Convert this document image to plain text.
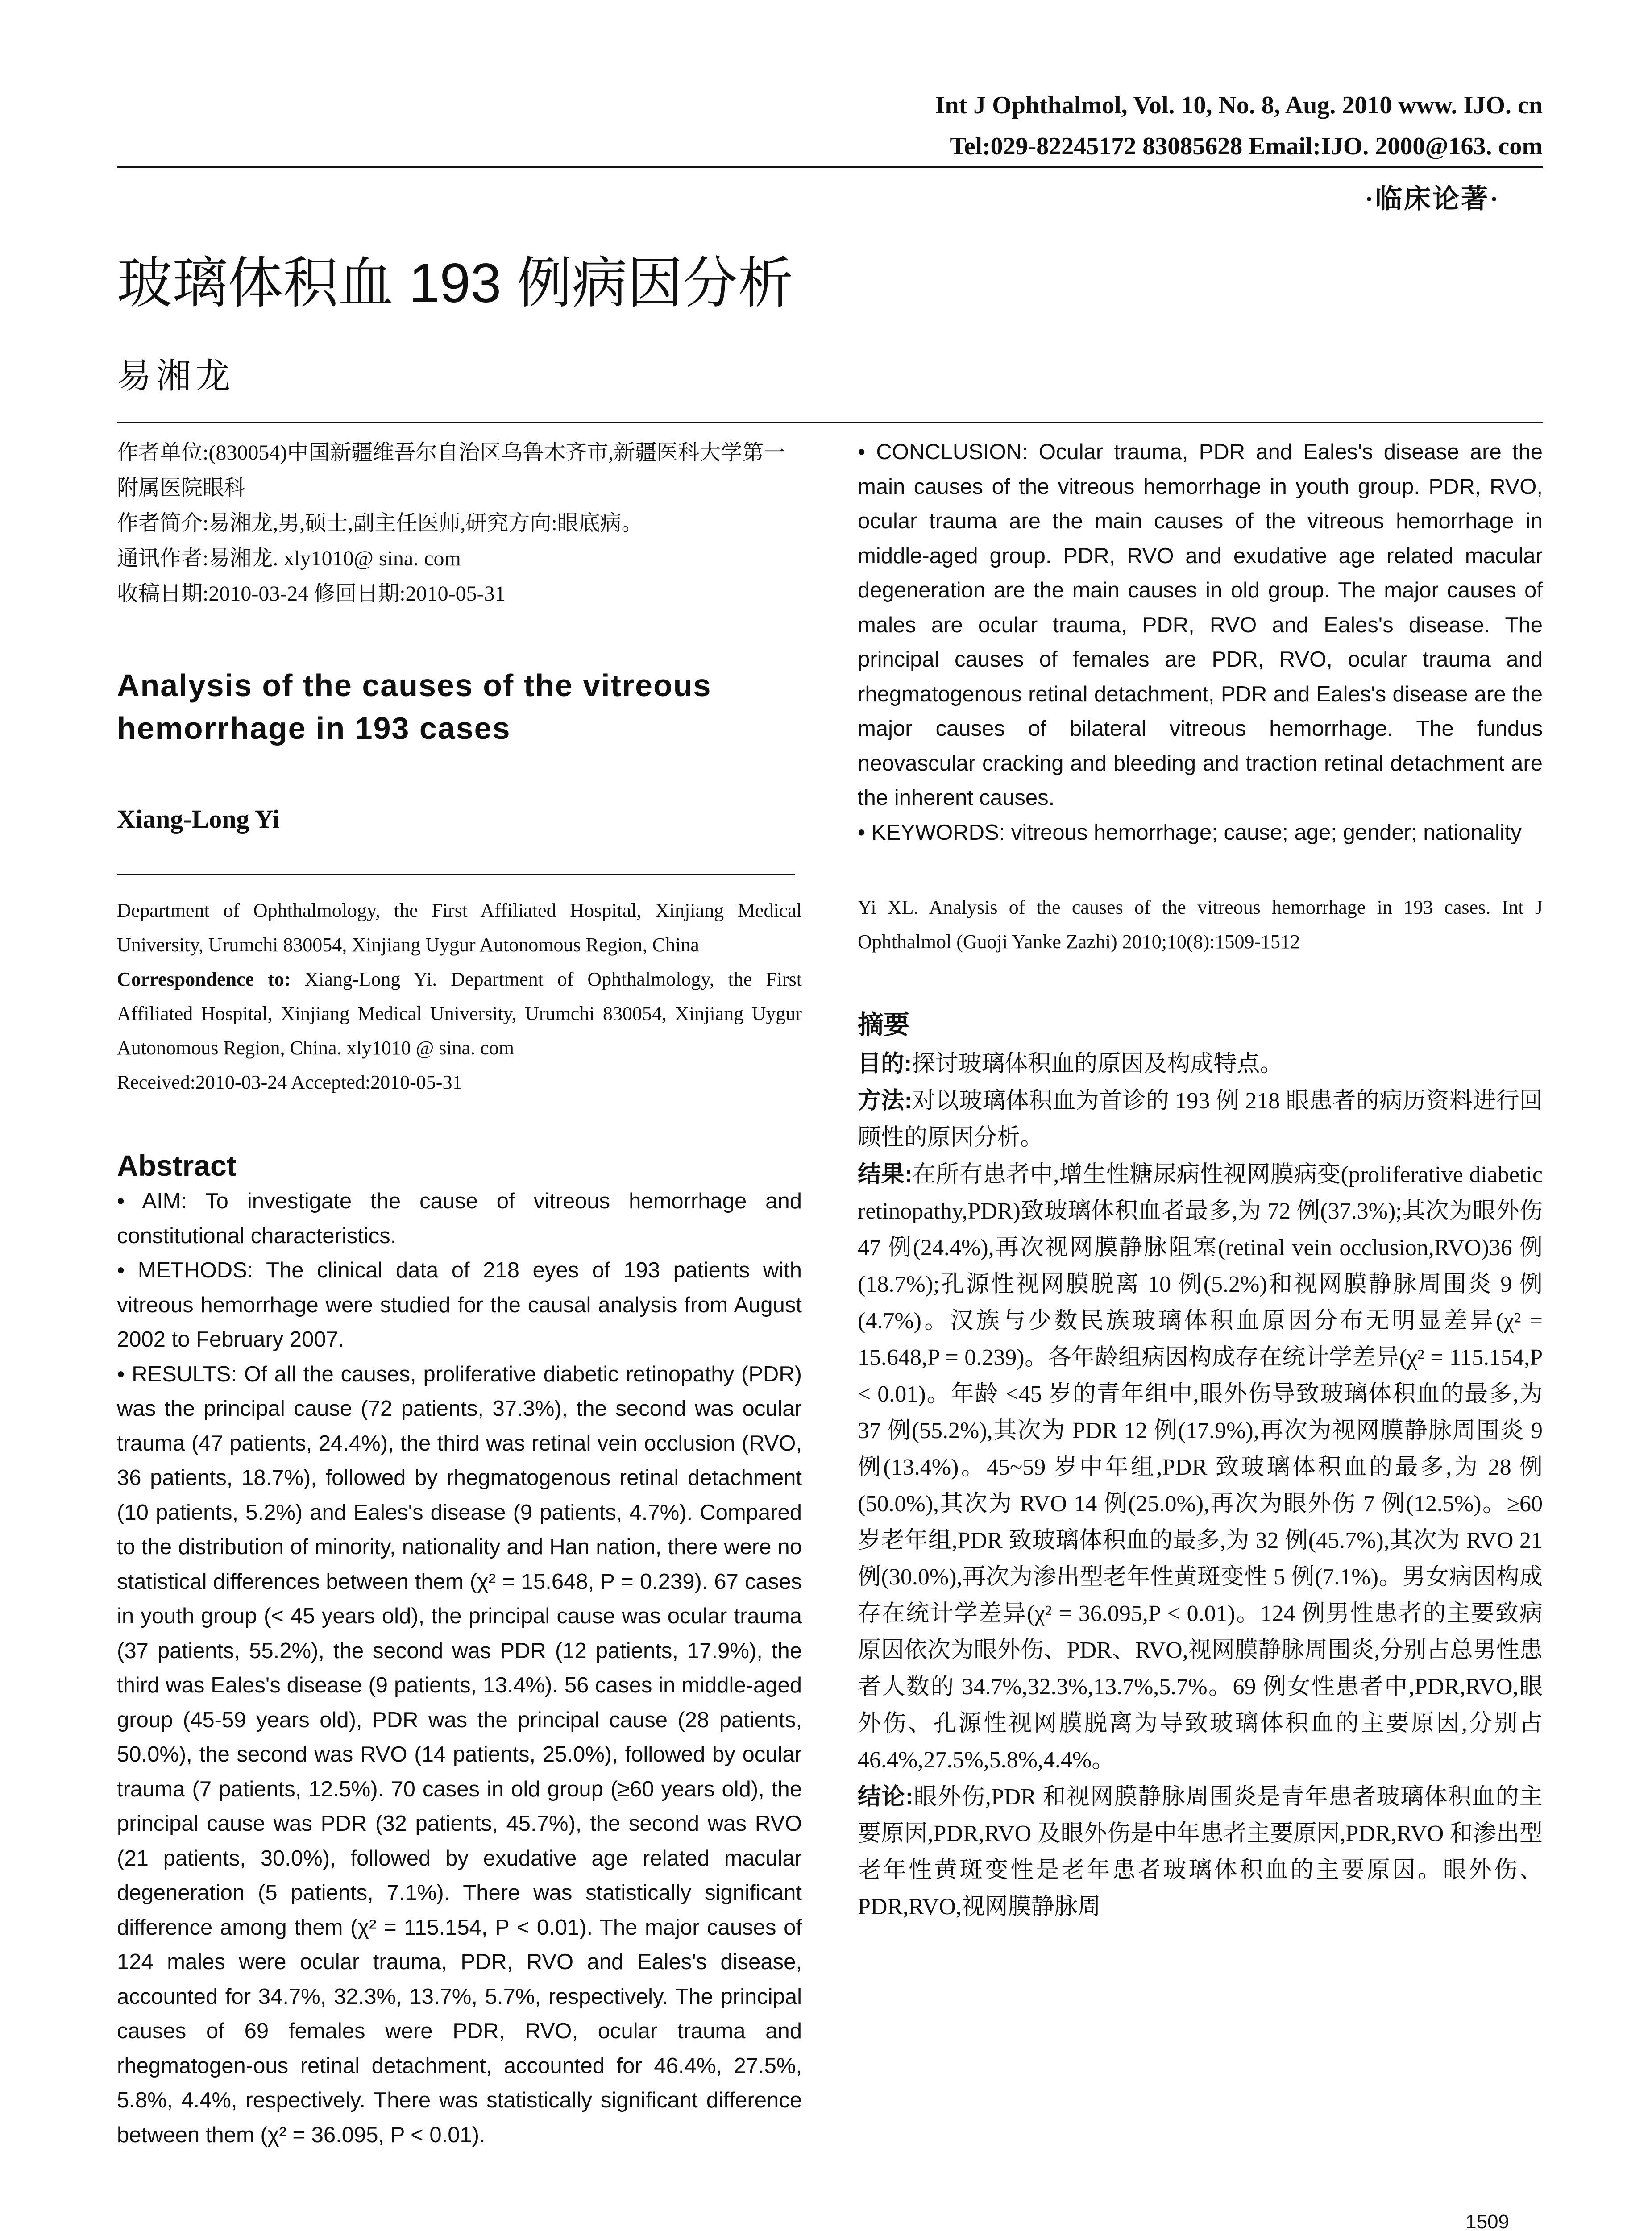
Int J Ophthalmol, Vol. 10, No. 8, Aug. 2010 www. IJO. cn
Tel:029-82245172 83085628 Email:IJO. 2000@163. com
·临床论著·
玻璃体积血 193 例病因分析
易湘龙

作者单位:(830054)中国新疆维吾尔自治区乌鲁木齐市,新疆医科大学第一附属医院眼科

作者简介:易湘龙,男,硕士,副主任医师,研究方向:眼底病。

通讯作者:易湘龙. xly1010@ sina. com

收稿日期:2010-03-24 修回日期:2010-05-31

Analysis of the causes of the vitreous hemorrhage in 193 cases
Xiang-Long Yi

Department of Ophthalmology, the First Affiliated Hospital, Xinjiang Medical University, Urumchi 830054, Xinjiang Uygur Autonomous Region, China

Correspondence to: Xiang-Long Yi. Department of Ophthalmology, the First Affiliated Hospital, Xinjiang Medical University, Urumchi 830054, Xinjiang Uygur Autonomous Region, China. xly1010 @ sina. com

Received:2010-03-24 Accepted:2010-05-31

Abstract

• AIM: To investigate the cause of vitreous hemorrhage and constitutional characteristics.

• METHODS: The clinical data of 218 eyes of 193 patients with vitreous hemorrhage were studied for the causal analysis from August 2002 to February 2007.

• RESULTS: Of all the causes, proliferative diabetic retinopathy (PDR) was the principal cause (72 patients, 37.3%), the second was ocular trauma (47 patients, 24.4%), the third was retinal vein occlusion (RVO, 36 patients, 18.7%), followed by rhegmatogenous retinal detachment (10 patients, 5.2%) and Eales's disease (9 patients, 4.7%). Compared to the distribution of minority, nationality and Han nation, there were no statistical differences between them (χ² = 15.648, P = 0.239). 67 cases in youth group (< 45 years old), the principal cause was ocular trauma (37 patients, 55.2%), the second was PDR (12 patients, 17.9%), the third was Eales's disease (9 patients, 13.4%). 56 cases in middle-aged group (45-59 years old), PDR was the principal cause (28 patients, 50.0%), the second was RVO (14 patients, 25.0%), followed by ocular trauma (7 patients, 12.5%). 70 cases in old group (≥60 years old), the principal cause was PDR (32 patients, 45.7%), the second was RVO (21 patients, 30.0%), followed by exudative age related macular degeneration (5 patients, 7.1%). There was statistically significant difference among them (χ² = 115.154, P < 0.01). The major causes of 124 males were ocular trauma, PDR, RVO and Eales's disease, accounted for 34.7%, 32.3%, 13.7%, 5.7%, respectively. The principal causes of 69 females were PDR, RVO, ocular trauma and rhegmatogen-ous retinal detachment, accounted for 46.4%, 27.5%, 5.8%, 4.4%, respectively. There was statistically significant difference between them (χ² = 36.095, P < 0.01).

• CONCLUSION: Ocular trauma, PDR and Eales's disease are the main causes of the vitreous hemorrhage in youth group. PDR, RVO, ocular trauma are the main causes of the vitreous hemorrhage in middle-aged group. PDR, RVO and exudative age related macular degeneration are the main causes in old group. The major causes of males are ocular trauma, PDR, RVO and Eales's disease. The principal causes of females are PDR, RVO, ocular trauma and rhegmatogenous retinal detachment, PDR and Eales's disease are the major causes of bilateral vitreous hemorrhage. The fundus neovascular cracking and bleeding and traction retinal detachment are the inherent causes.

• KEYWORDS: vitreous hemorrhage; cause; age; gender; nationality

Yi XL. Analysis of the causes of the vitreous hemorrhage in 193 cases. Int J Ophthalmol (Guoji Yanke Zazhi) 2010;10(8):1509-1512
摘要

目的:探讨玻璃体积血的原因及构成特点。

方法:对以玻璃体积血为首诊的 193 例 218 眼患者的病历资料进行回顾性的原因分析。

结果:在所有患者中,增生性糖尿病性视网膜病变(proliferative diabetic retinopathy,PDR)致玻璃体积血者最多,为 72 例(37.3%);其次为眼外伤 47 例(24.4%),再次视网膜静脉阻塞(retinal vein occlusion,RVO)36 例(18.7%);孔源性视网膜脱离 10 例(5.2%)和视网膜静脉周围炎 9 例(4.7%)。汉族与少数民族玻璃体积血原因分布无明显差异(χ² = 15.648,P = 0.239)。各年龄组病因构成存在统计学差异(χ² = 115.154,P < 0.01)。年龄 <45 岁的青年组中,眼外伤导致玻璃体积血的最多,为 37 例(55.2%),其次为 PDR 12 例(17.9%),再次为视网膜静脉周围炎 9 例(13.4%)。45~59 岁中年组,PDR 致玻璃体积血的最多,为 28 例(50.0%),其次为 RVO 14 例(25.0%),再次为眼外伤 7 例(12.5%)。≥60 岁老年组,PDR 致玻璃体积血的最多,为 32 例(45.7%),其次为 RVO 21 例(30.0%),再次为渗出型老年性黄斑变性 5 例(7.1%)。男女病因构成存在统计学差异(χ² = 36.095,P < 0.01)。124 例男性患者的主要致病原因依次为眼外伤、PDR、RVO,视网膜静脉周围炎,分别占总男性患者人数的 34.7%,32.3%,13.7%,5.7%。69 例女性患者中,PDR,RVO,眼外伤、孔源性视网膜脱离为导致玻璃体积血的主要原因,分别占 46.4%,27.5%,5.8%,4.4%。

结论:眼外伤,PDR 和视网膜静脉周围炎是青年患者玻璃体积血的主要原因,PDR,RVO 及眼外伤是中年患者主要原因,PDR,RVO 和渗出型老年性黄斑变性是老年患者玻璃体积血的主要原因。眼外伤、PDR,RVO,视网膜静脉周

1509
